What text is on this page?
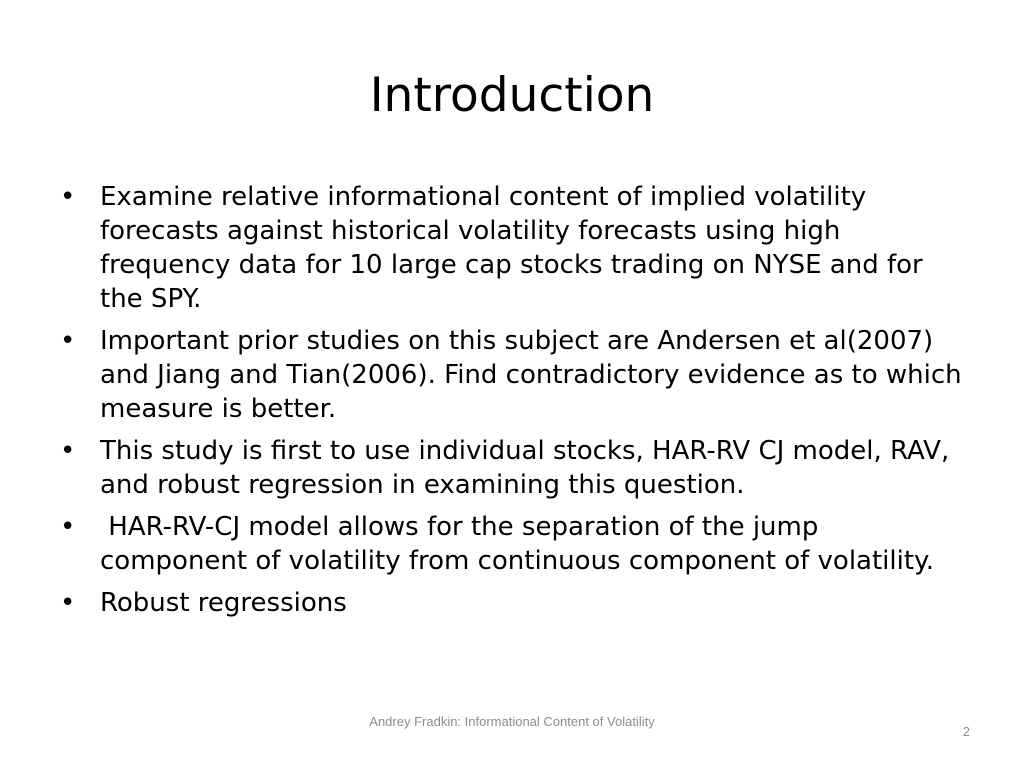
Introduction
• Examine relative informational content of implied volatility forecasts against historical volatility forecasts using high frequency data for 10 large cap stocks trading on NYSE and for the SPY.
• Important prior studies on this subject are Andersen et al(2007) and Jiang and Tian(2006). Find contradictory evidence as to which measure is better.
• This study is first to use individual stocks, HAR-RV CJ model, RAV, and robust regression in examining this question.
• HAR-RV-CJ model allows for the separation of the jump component of volatility from continuous component of volatility.
• Robust regressions
Andrey Fradkin: Informational Content of Volatility
2
